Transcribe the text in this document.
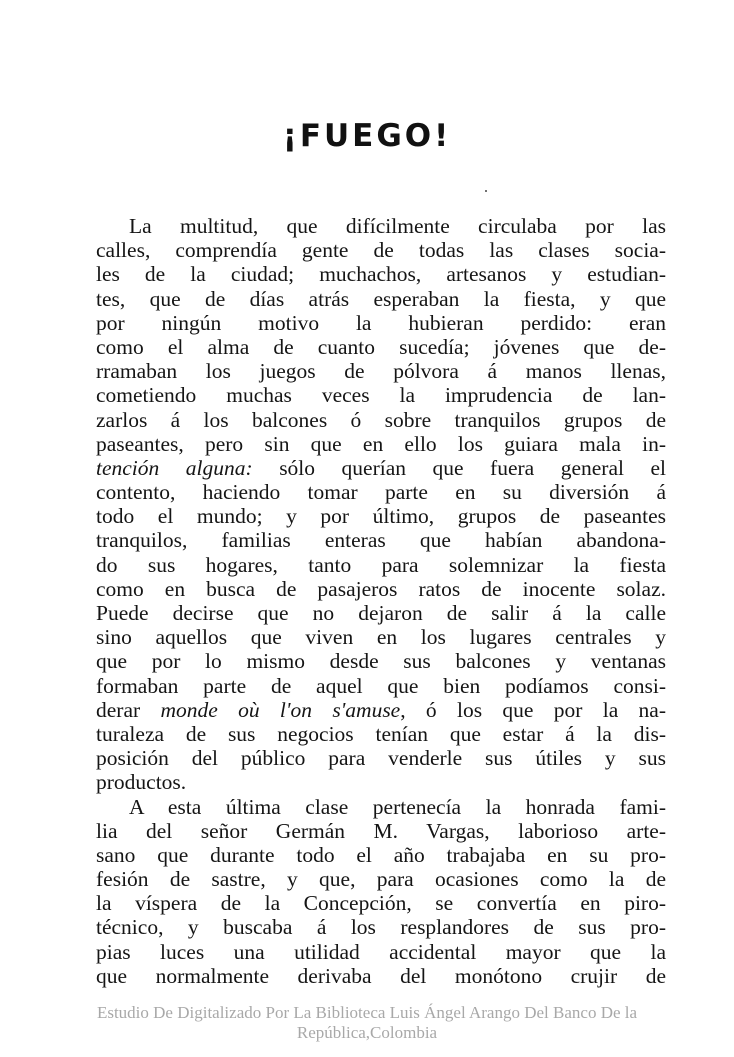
¡FUEGO!
La multitud, que difícilmente circulaba por las
calles, comprendía gente de todas las clases socia-
les de la ciudad; muchachos, artesanos y estudian-
tes, que de días atrás esperaban la fiesta, y que
por ningún motivo la hubieran perdido: eran
como el alma de cuanto sucedía; jóvenes que de-
rramaban los juegos de pólvora á manos llenas,
cometiendo muchas veces la imprudencia de lan-
zarlos á los balcones ó sobre tranquilos grupos de
paseantes, pero sin que en ello los guiara mala in-
tención alguna: sólo querían que fuera general el
contento, haciendo tomar parte en su diversión á
todo el mundo; y por último, grupos de paseantes
tranquilos, familias enteras que habían abandona-
do sus hogares, tanto para solemnizar la fiesta
como en busca de pasajeros ratos de inocente solaz.
Puede decirse que no dejaron de salir á la calle
sino aquellos que viven en los lugares centrales y
que por lo mismo desde sus balcones y ventanas
formaban parte de aquel que bien podíamos consi-
derar monde où l'on s'amuse, ó los que por la na-
turaleza de sus negocios tenían que estar á la dis-
posición del público para venderle sus útiles y sus
productos.
A esta última clase pertenecía la honrada fami-
lia del señor Germán M. Vargas, laborioso arte-
sano que durante todo el año trabajaba en su pro-
fesión de sastre, y que, para ocasiones como la de
la víspera de la Concepción, se convertía en piro-
técnico, y buscaba á los resplandores de sus pro-
pias luces una utilidad accidental mayor que la
que normalmente derivaba del monótono crujir de
Estudio De Digitalizado Por La Biblioteca Luis Ángel Arango Del Banco De la
República,Colombia
